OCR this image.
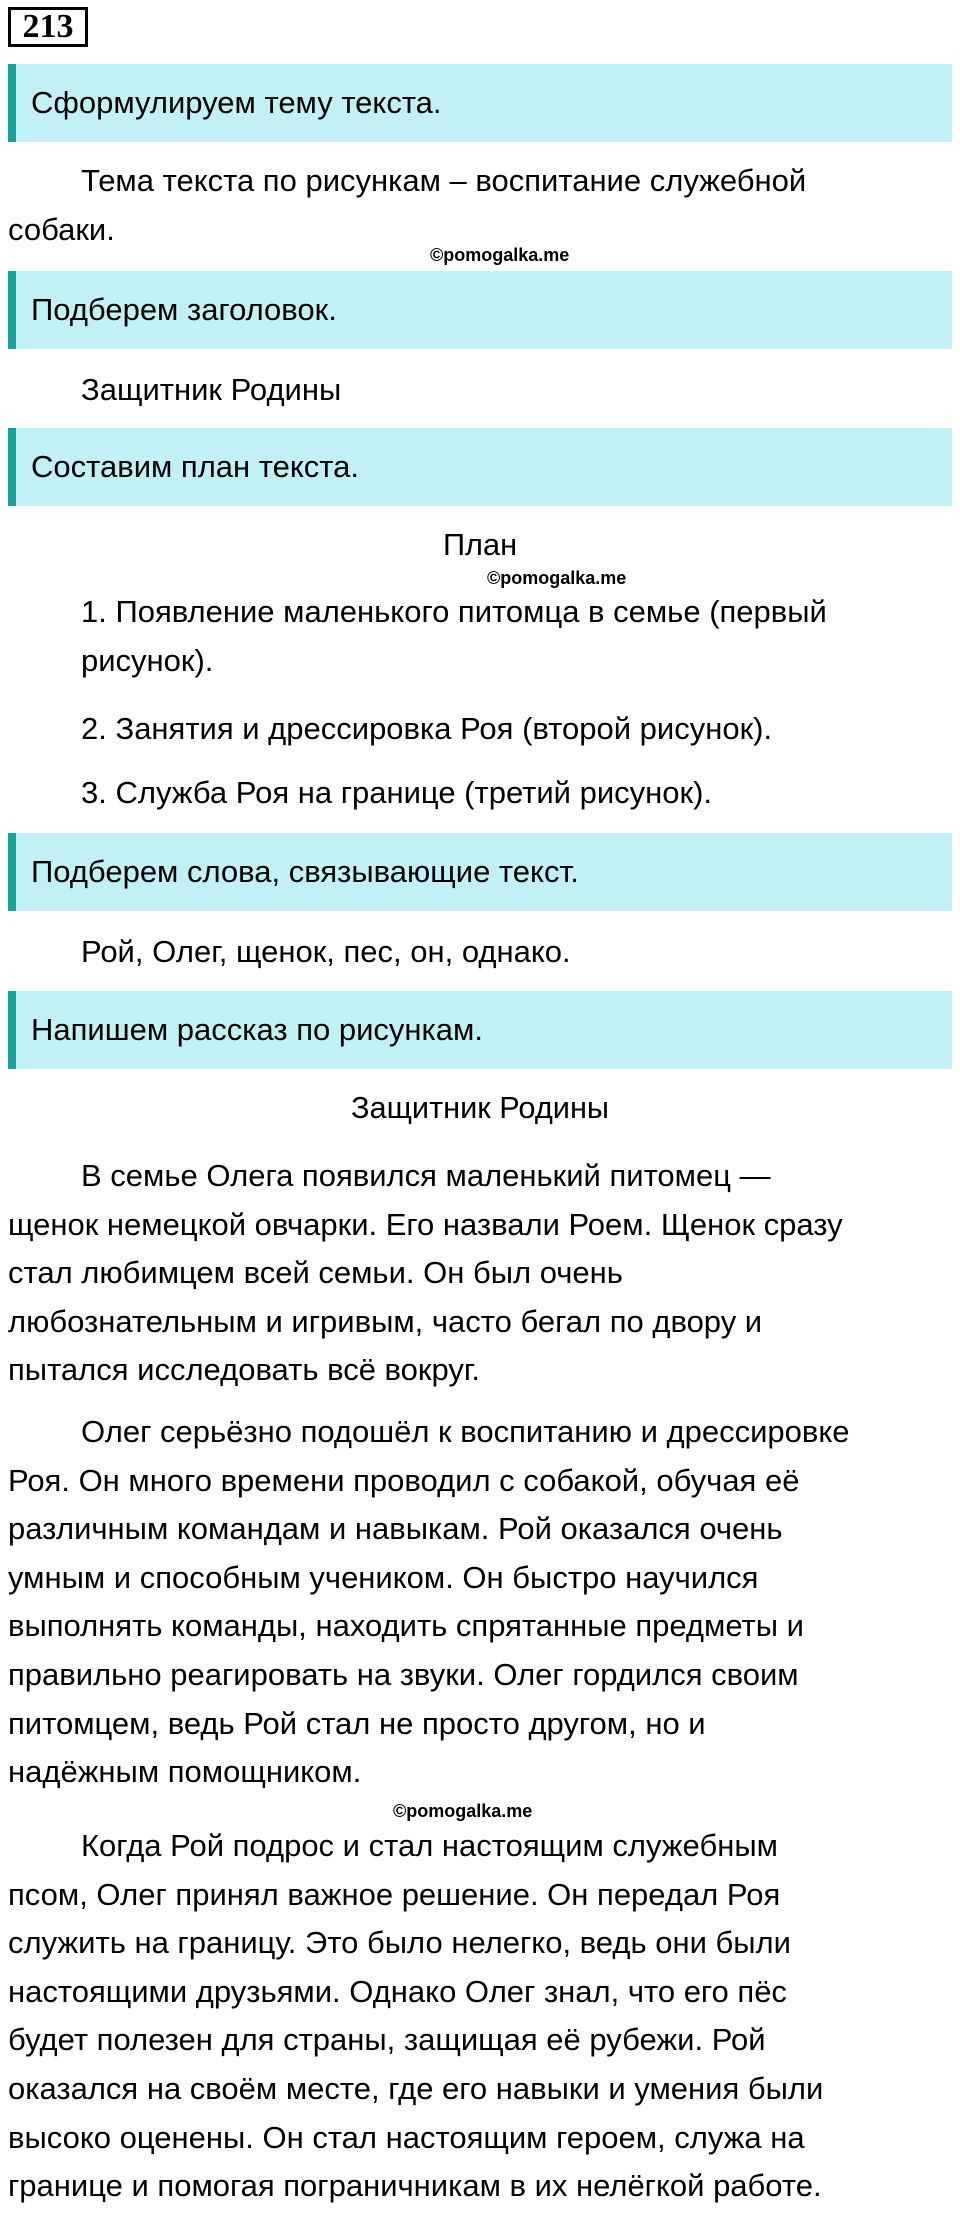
213
Сформулируем тему текста.
Тема текста по рисункам – воспитание служебной
собаки.
©pomogalka.me
Подберем заголовок.
Защитник Родины
Составим план текста.
План
©pomogalka.me
1. Появление маленького питомца в семье (первый
рисунок).
2. Занятия и дрессировка Роя (второй рисунок).
3. Служба Роя на границе (третий рисунок).
Подберем слова, связывающие текст.
Рой, Олег, щенок, пес, он, однако.
Напишем рассказ по рисункам.
Защитник Родины
В семье Олега появился маленький питомец —
щенок немецкой овчарки. Его назвали Роем. Щенок сразу
стал любимцем всей семьи. Он был очень
любознательным и игривым, часто бегал по двору и
пытался исследовать всё вокруг.
Олег серьёзно подошёл к воспитанию и дрессировке
Роя. Он много времени проводил с собакой, обучая её
различным командам и навыкам. Рой оказался очень
умным и способным учеником. Он быстро научился
выполнять команды, находить спрятанные предметы и
правильно реагировать на звуки. Олег гордился своим
питомцем, ведь Рой стал не просто другом, но и
надёжным помощником.
©pomogalka.me
Когда Рой подрос и стал настоящим служебным
псом, Олег принял важное решение. Он передал Роя
служить на границу. Это было нелегко, ведь они были
настоящими друзьями. Однако Олег знал, что его пёс
будет полезен для страны, защищая её рубежи. Рой
оказался на своём месте, где его навыки и умения были
высоко оценены. Он стал настоящим героем, служа на
границе и помогая пограничникам в их нелёгкой работе.
